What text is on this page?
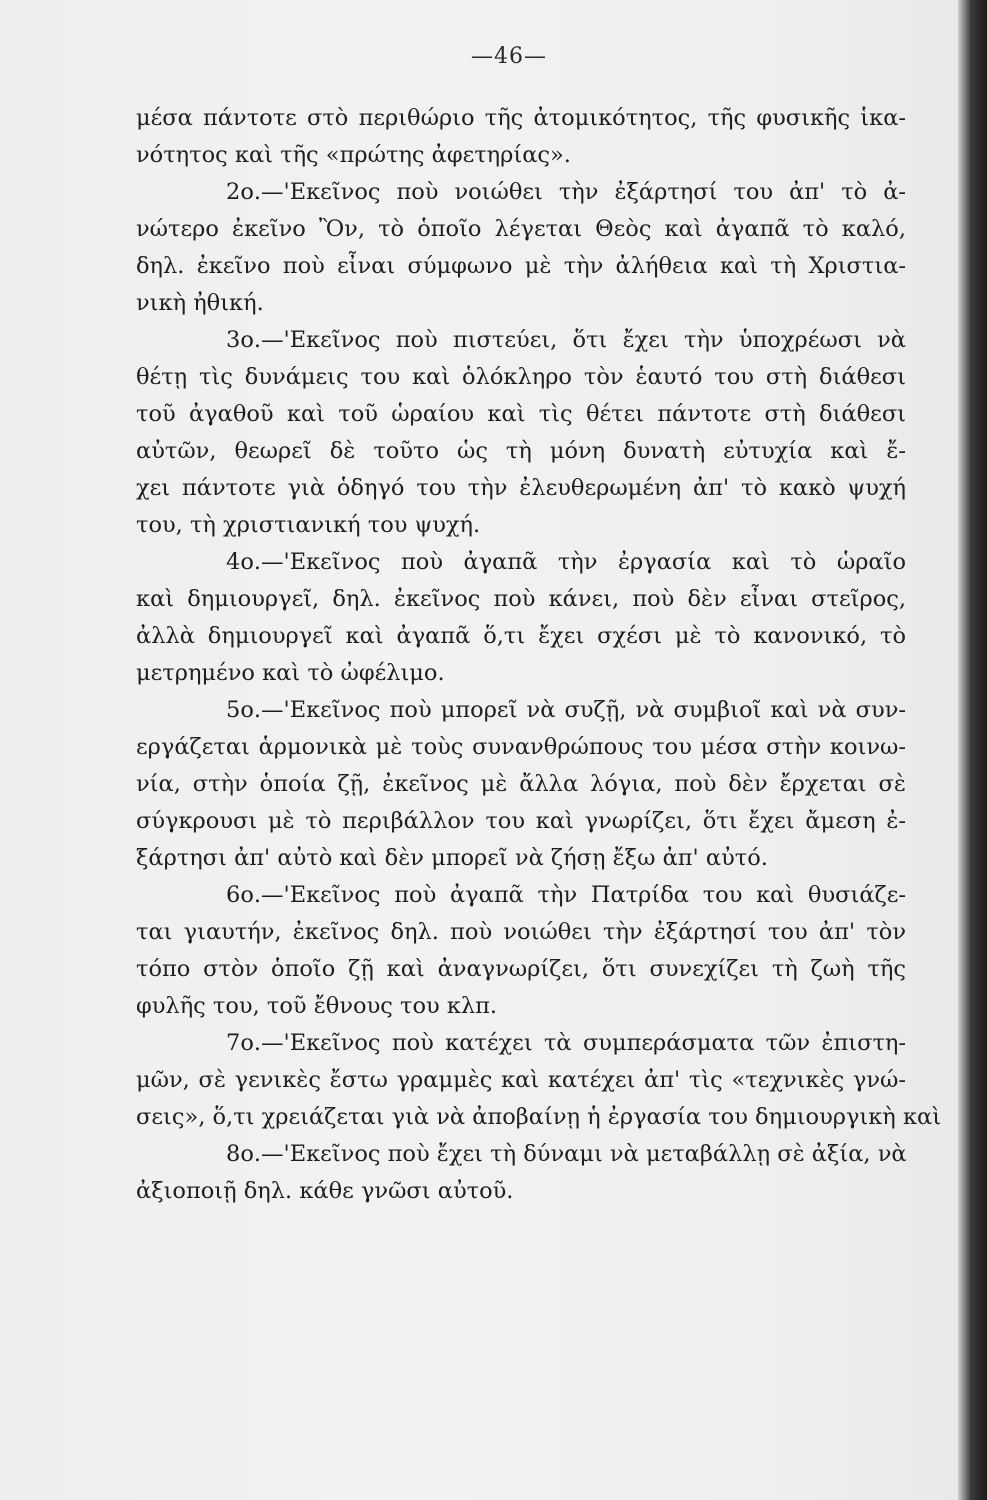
—46—
μέσα πάντοτε στὸ περιθώριο τῆς ἀτομικότητος, τῆς φυσικῆς ἱκα-
νότητος καὶ τῆς «πρώτης ἀφετηρίας».
2ο.—'Εκεῖνος ποὺ νοιώθει τὴν ἐξάρτησί του ἀπ' τὸ ἀ-
νώτερο ἐκεῖνο Ὂν, τὸ ὁποῖο λέγεται Θεὸς καὶ ἀγαπᾶ τὸ καλό,
δηλ. ἐκεῖνο ποὺ εἶναι σύμφωνο μὲ τὴν ἀλήθεια καὶ τὴ Χριστια-
νικὴ ἠθική.
3ο.—'Εκεῖνος ποὺ πιστεύει, ὅτι ἔχει τὴν ὑποχρέωσι νὰ
θέτῃ τὶς δυνάμεις του καὶ ὁλόκληρο τὸν ἑαυτό του στὴ διάθεσι
τοῦ ἀγαθοῦ καὶ τοῦ ὡραίου καὶ τὶς θέτει πάντοτε στὴ διάθεσι
αὐτῶν, θεωρεῖ δὲ τοῦτο ὡς τὴ μόνη δυνατὴ εὐτυχία καὶ ἔ-
χει πάντοτε γιὰ ὁδηγό του τὴν ἐλευθερωμένη ἀπ' τὸ κακὸ ψυχή
του, τὴ χριστιανική του ψυχή.
4ο.—'Εκεῖνος ποὺ ἀγαπᾶ τὴν ἐργασία καὶ τὸ ὡραῖο
καὶ δημιουργεῖ, δηλ. ἐκεῖνος ποὺ κάνει, ποὺ δὲν εἶναι στεῖρος,
ἀλλὰ δημιουργεῖ καὶ ἀγαπᾶ ὅ,τι ἔχει σχέσι μὲ τὸ κανονικό, τὸ
μετρημένο καὶ τὸ ὠφέλιμο.
5ο.—'Εκεῖνος ποὺ μπορεῖ νὰ συζῇ, νὰ συμβιοῖ καὶ νὰ συν-
εργάζεται ἁρμονικὰ μὲ τοὺς συνανθρώπους του μέσα στὴν κοινω-
νία, στὴν ὁποία ζῇ, ἐκεῖνος μὲ ἄλλα λόγια, ποὺ δὲν ἔρχεται σὲ
σύγκρουσι μὲ τὸ περιβάλλον του καὶ γνωρίζει, ὅτι ἔχει ἄμεση ἐ-
ξάρτησι ἀπ' αὐτὸ καὶ δὲν μπορεῖ νὰ ζήσῃ ἔξω ἀπ' αὐτό.
6ο.—'Εκεῖνος ποὺ ἀγαπᾶ τὴν Πατρίδα του καὶ θυσιάζε-
ται γιαυτήν, ἐκεῖνος δηλ. ποὺ νοιώθει τὴν ἐξάρτησί του ἀπ' τὸν
τόπο στὸν ὁποῖο ζῇ καὶ ἀναγνωρίζει, ὅτι συνεχίζει τὴ ζωὴ τῆς
φυλῆς του, τοῦ ἔθνους του κλπ.
7ο.—'Εκεῖνος ποὺ κατέχει τὰ συμπεράσματα τῶν ἐπιστη-
μῶν, σὲ γενικὲς ἔστω γραμμὲς καὶ κατέχει ἀπ' τὶς «τεχνικὲς γνώ-
σεις», ὅ,τι χρειάζεται γιὰ νὰ ἀποβαίνῃ ἡ ἐργασία του δημιουργικὴ καὶ
8ο.—'Εκεῖνος ποὺ ἔχει τὴ δύναμι νὰ μεταβάλλῃ σὲ ἀξία, νὰ
ἀξιοποιῇ δηλ. κάθε γνῶσι αὐτοῦ.
